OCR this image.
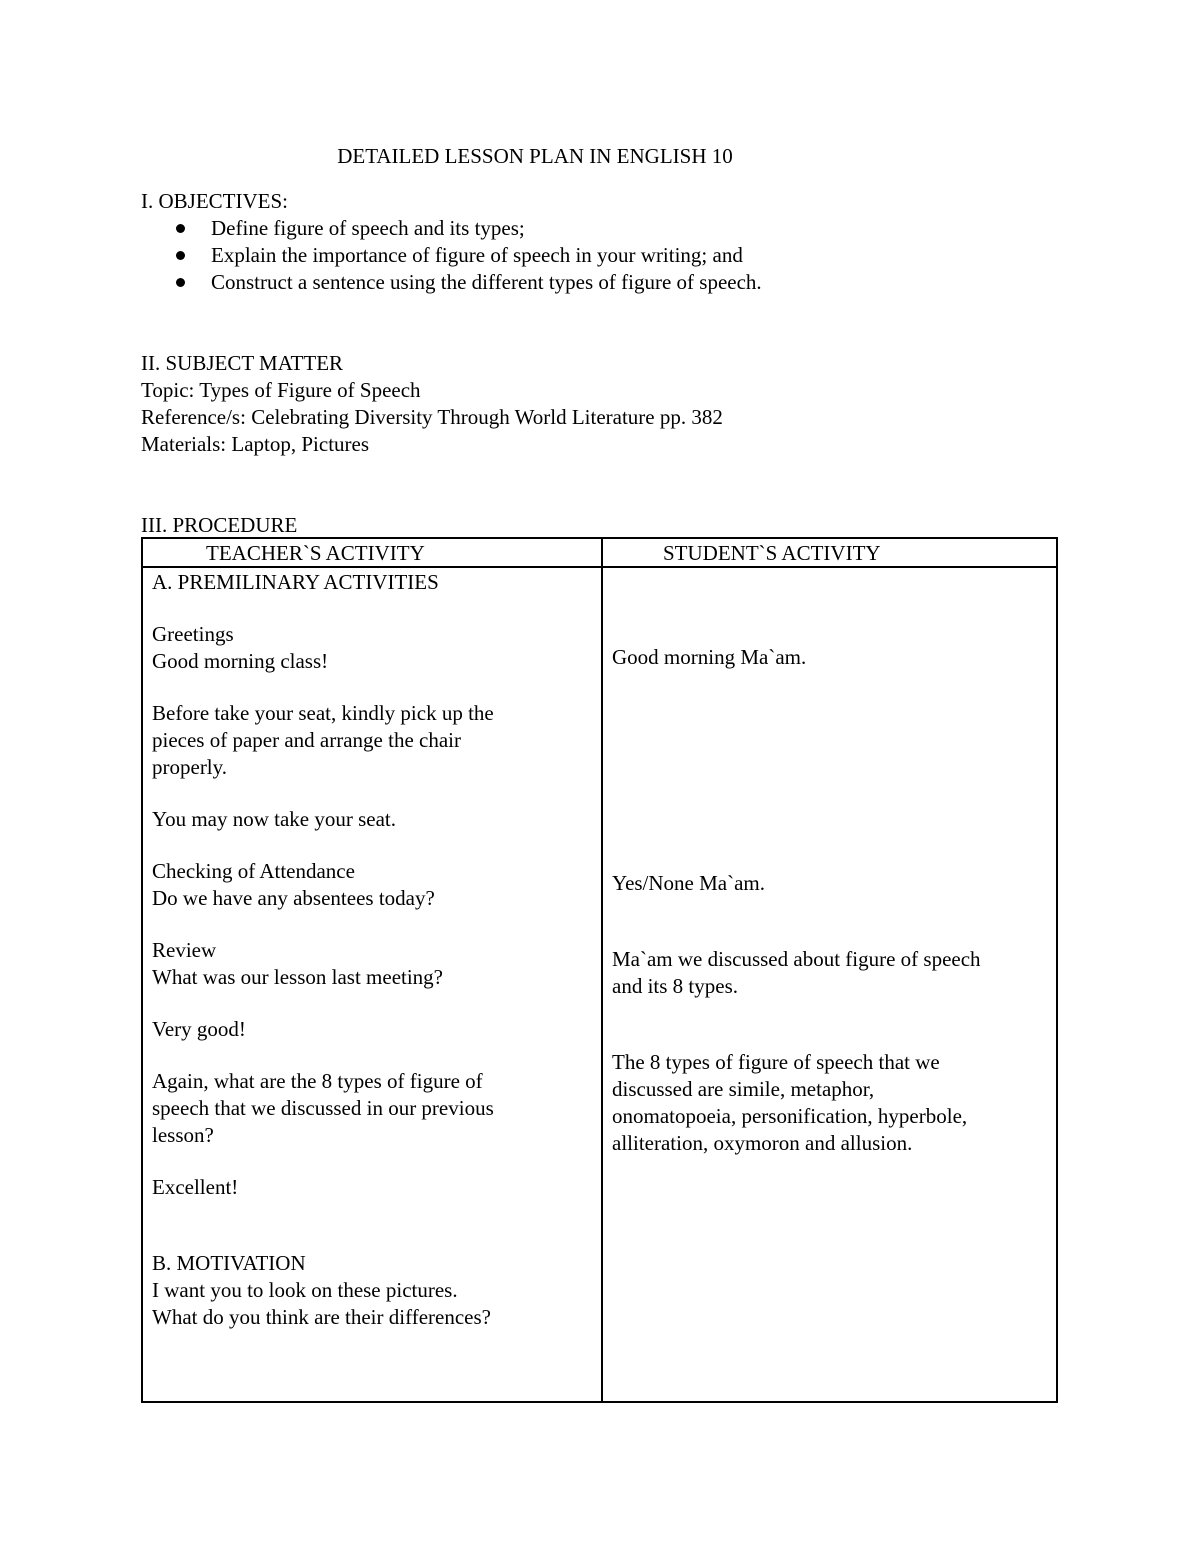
DETAILED LESSON PLAN IN ENGLISH 10
I. OBJECTIVES:
Define figure of speech and its types;
Explain the importance of figure of speech in your writing; and
Construct a sentence using the different types of figure of speech.
II. SUBJECT MATTER
Topic: Types of Figure of Speech
Reference/s: Celebrating Diversity Through World Literature pp. 382
Materials: Laptop, Pictures
III. PROCEDURE
TEACHER`S ACTIVITY	STUDENT`S ACTIVITY
A. PREMILINARY ACTIVITIES
Greetings
Good morning class!
Before take your seat, kindly pick up the
pieces of paper and arrange the chair
properly.
You may now take your seat.
Checking of Attendance
Do we have any absentees today?
Review
What was our lesson last meeting?
Very good!
Again, what are the 8 types of figure of
speech that we discussed in our previous
lesson?
Excellent!
B. MOTIVATION
I want you to look on these pictures.
What do you think are their differences?
Good morning Ma`am.
Yes/None Ma`am.
Ma`am we discussed about figure of speech
and its 8 types.
The 8 types of figure of speech that we
discussed are simile, metaphor,
onomatopoeia, personification, hyperbole,
alliteration, oxymoron and allusion.
